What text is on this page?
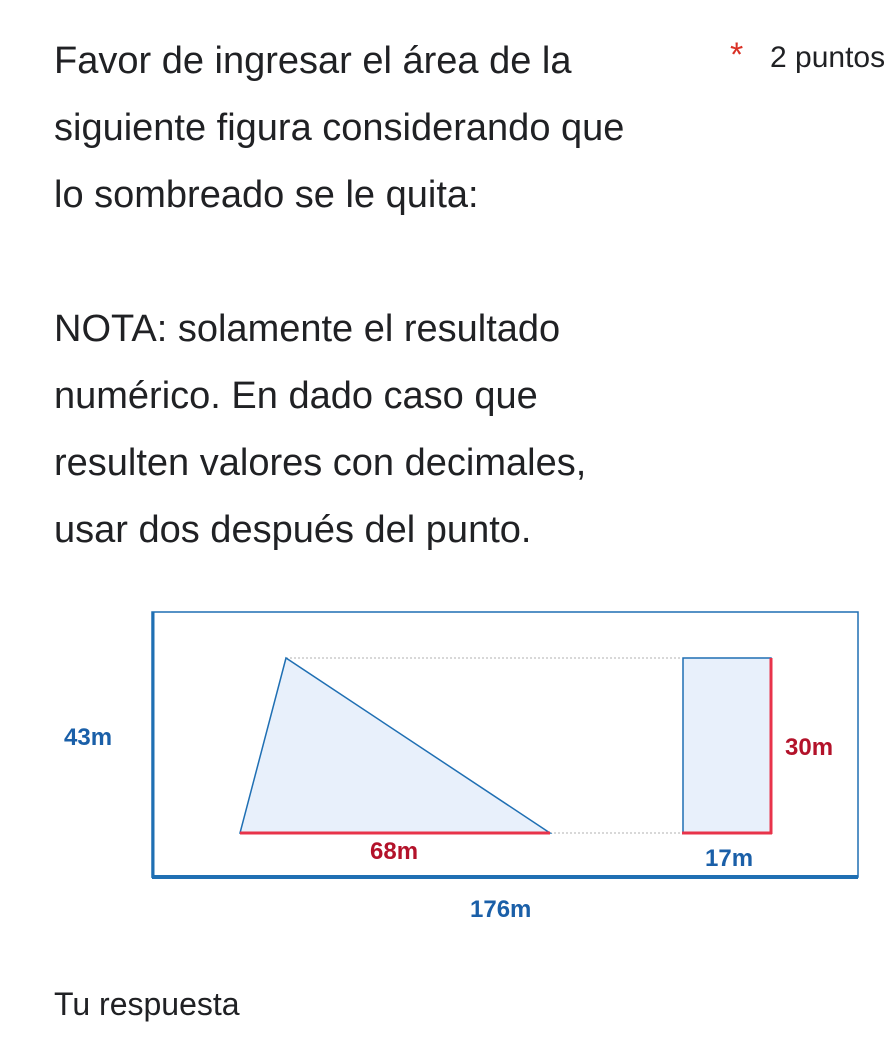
Favor de ingresar el área de la

siguiente figura considerando que

lo sombreado se le quita:

NOTA: solamente el resultado

numérico. En dado caso que

resulten valores con decimales,

usar dos después del punto.

* 2 puntos
43m
68m
30m
17m
176m
Tu respuesta
